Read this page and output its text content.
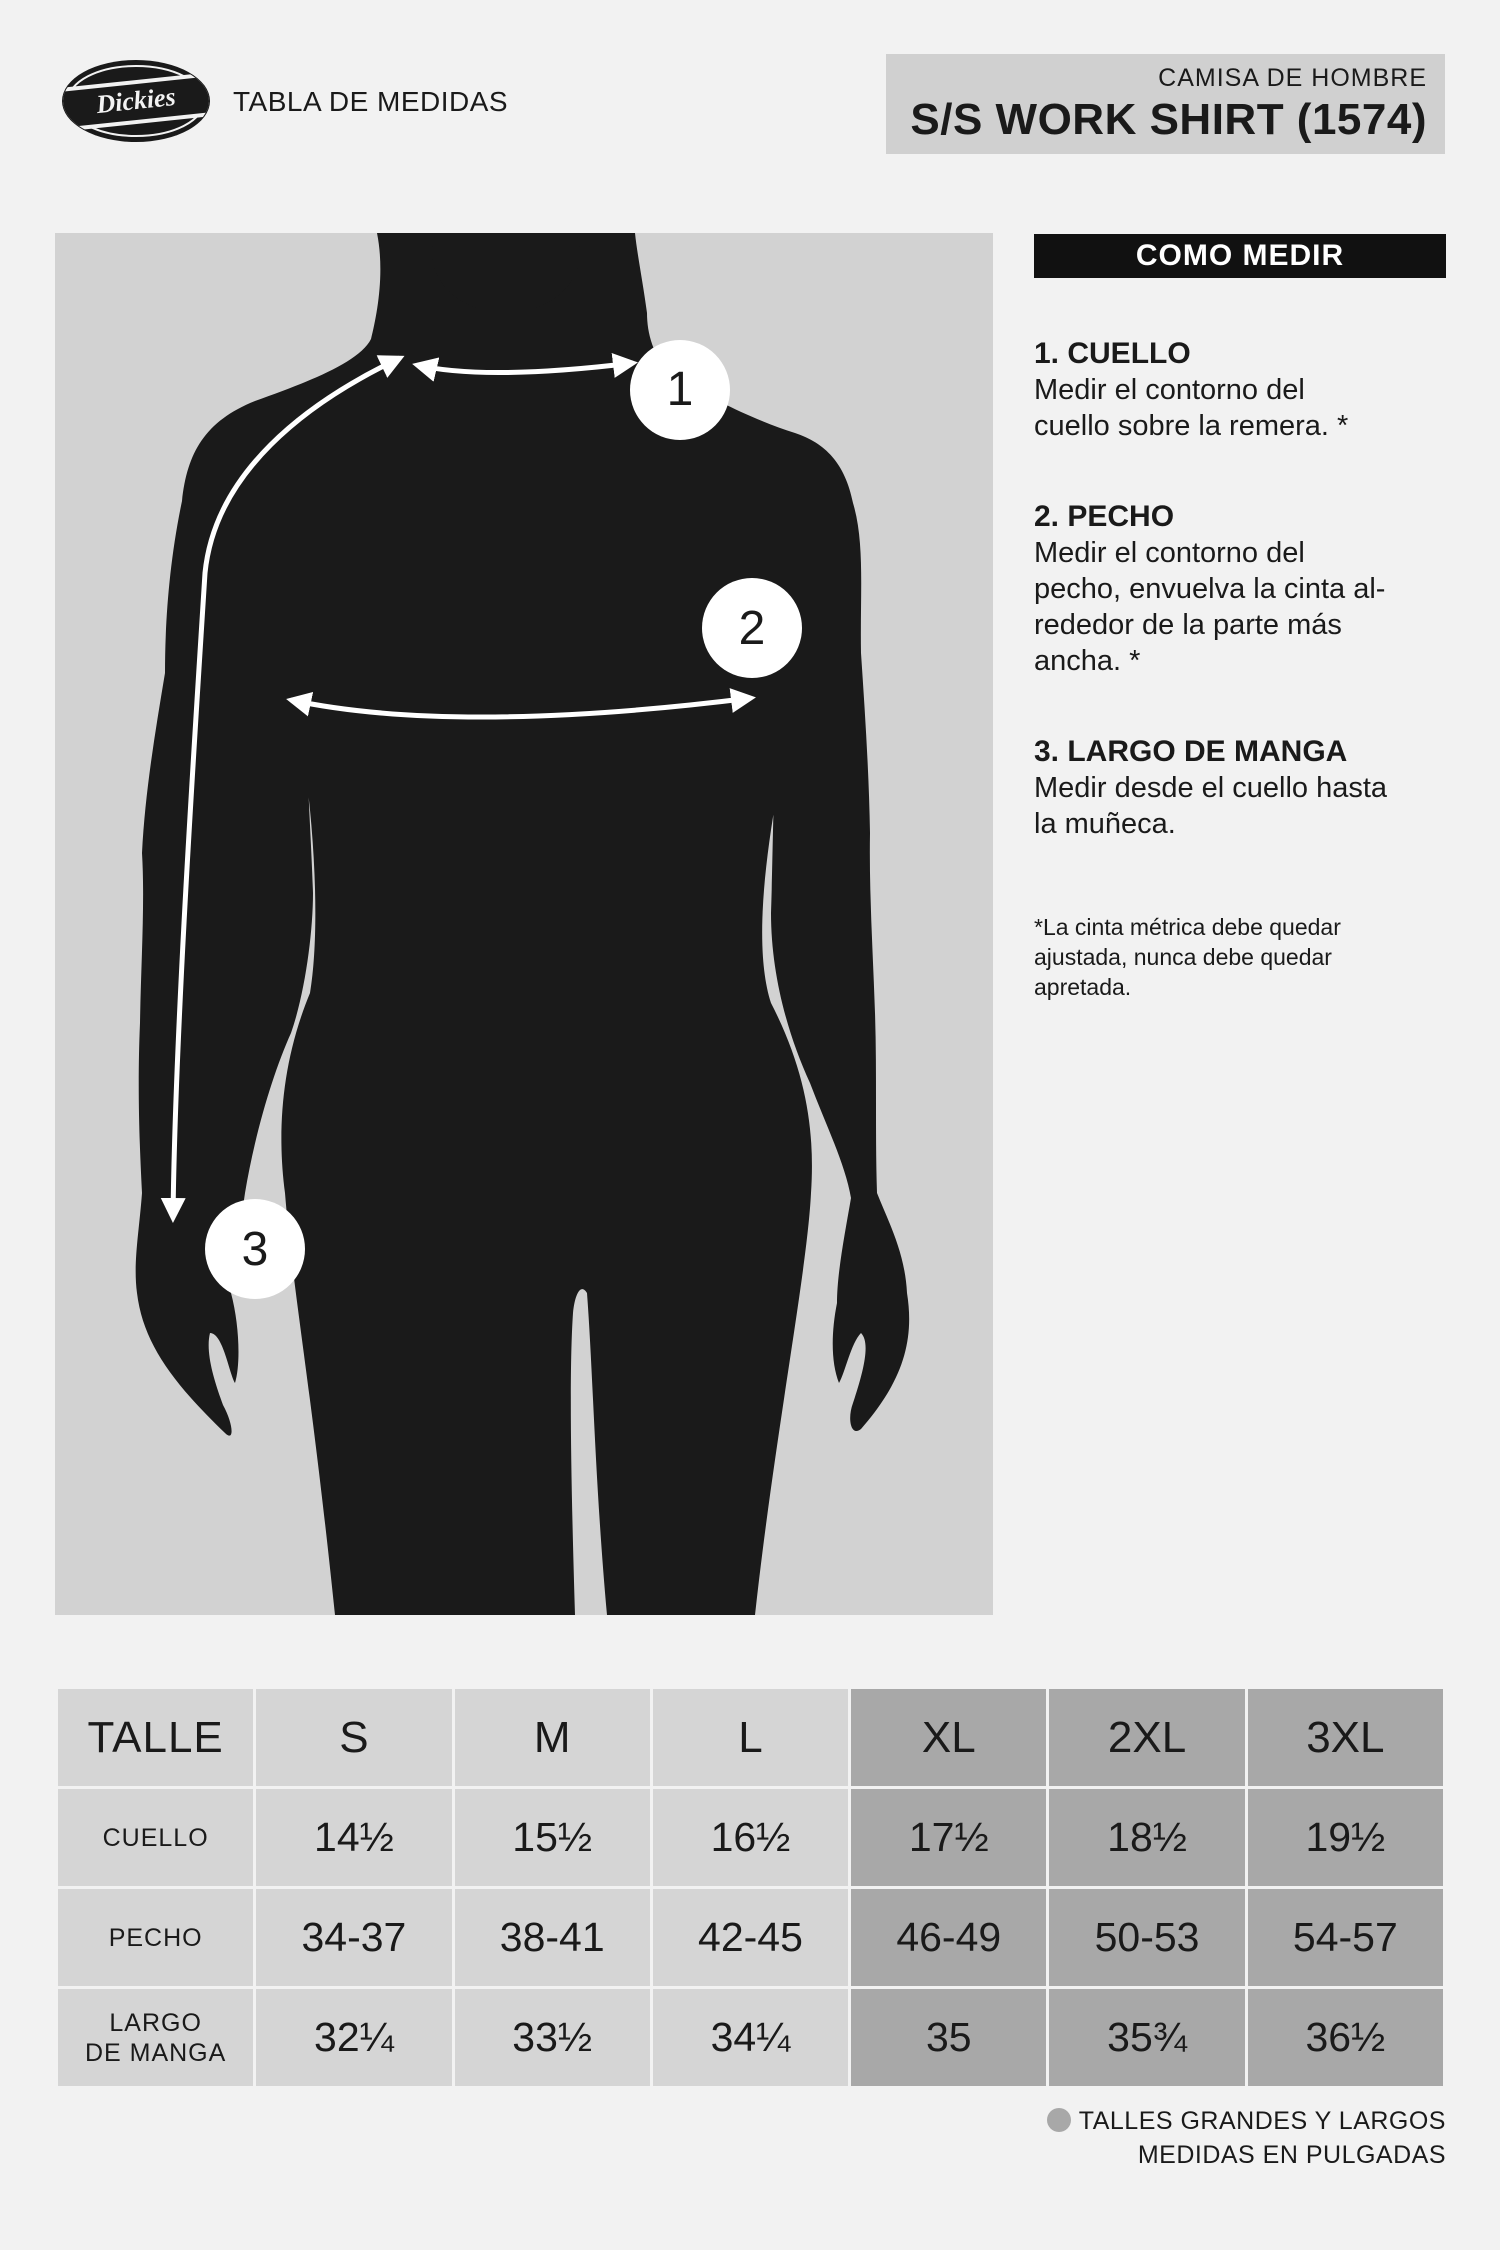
Dickies TABLA DE MEDIDAS
CAMISA DE HOMBRE
S/S WORK SHIRT (1574)
1
2
3
COMO MEDIR
1. CUELLO
Medir el contorno del
cuello sobre la remera. *
2. PECHO
Medir el contorno del
pecho, envuelva la cinta al-
rededor de la parte más
ancha. *
3. LARGO DE MANGA
Medir desde el cuello hasta
la muñeca.
*La cinta métrica debe quedar
ajustada, nunca debe quedar
apretada.
TALLE	S	M	L	XL	2XL	3XL
CUELLO	14½	15½	16½	17½	18½	19½
PECHO	34-37	38-41	42-45	46-49	50-53	54-57

LARGO
DE MANGA	32¼	33½	34¼	35	35¾	36½
TALLES GRANDES Y LARGOS
MEDIDAS EN PULGADAS
